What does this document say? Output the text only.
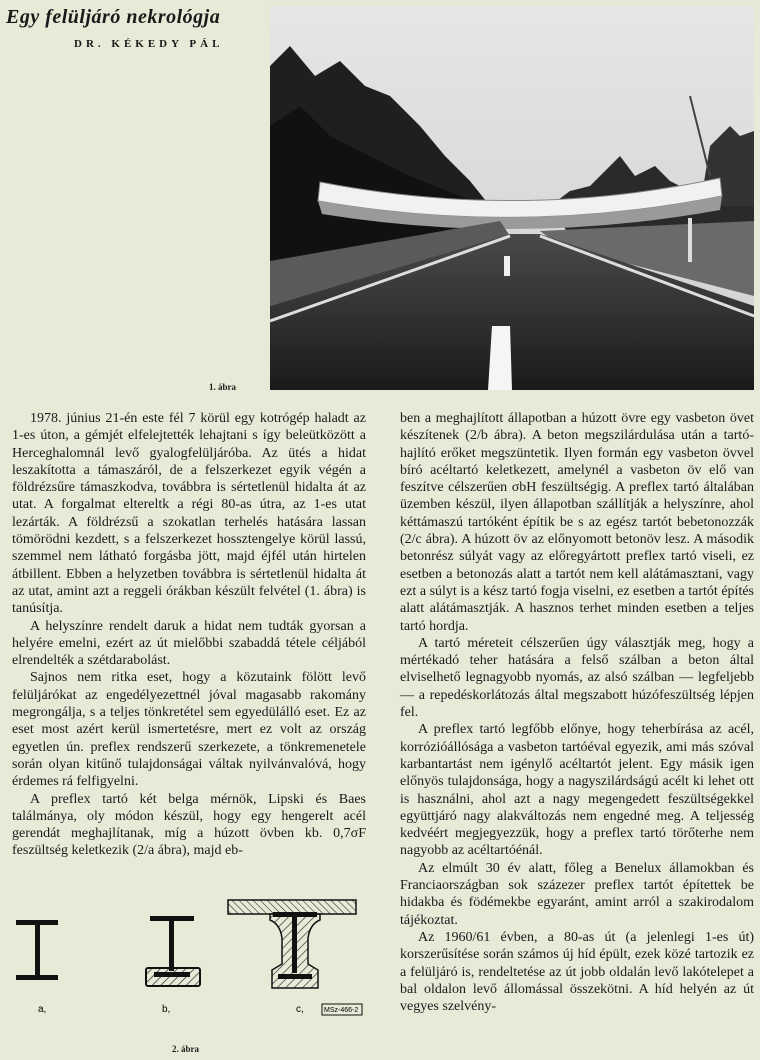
Egy felüljáró nekrológja
DR. KÉKEDY PÁL
1. ábra

1978. június 21-én este fél 7 körül egy kotrógép haladt az 1-es úton, a gémjét elfelejtették lehajtani s így beleütközött a Herceghalomnál levő gyalogfelüljáróba. Az ütés a hidat leszakította a támaszáról, de a felszerkezet egyik végén a földrézsűre támaszkodva, továbbra is sértetlenül hidalta át az utat. A forgalmat eltereltk a régi 80-as útra, az 1-es utat lezárták. A földrézsű a szokatlan terhelés hatására lassan tömörödni kezdett, s a felszerkezet hossztengelye körül lassú, szemmel nem látható forgásba jött, majd éjfél után hirtelen átbillent. Ebben a helyzetben továbbra is sértetlenül hidalta át az utat, amint azt a reggeli órákban készült felvétel (1. ábra) is tanúsítja.

A helyszínre rendelt daruk a hidat nem tudták gyorsan a helyére emelni, ezért az út mielőbbi szabaddá tétele céljából elrendelték a szétdarabolást.

Sajnos nem ritka eset, hogy a közutaink fölött levő felüljárókat az engedélyezettnél jóval magasabb rakomány megrongálja, s a teljes tönkretétel sem egyedülálló eset. Ez az eset most azért kerül ismertetésre, mert ez volt az ország egyetlen ún. preflex rendszerű szerkezete, a tönkremenetele során olyan kitűnő tulajdonságai váltak nyilvánvalóvá, hogy érdemes rá felfigyelni.

A preflex tartó két belga mérnök, Lipski és Baes találmánya, oly módon készül, hogy egy hengerelt acél gerendát meghajlítanak, míg a húzott övben kb. 0,7σF feszültség keletkezik (2/a ábra), majd eb-

a,	b,	c,	MSz-466-2
2. ábra

ben a meghajlított állapotban a húzott övre egy vasbeton övet készítenek (2/b ábra). A beton megszilárdulása után a tartó-hajlító erőket megszüntetik. Ilyen formán egy vasbeton övvel bíró acéltartó keletkezett, amelynél a vasbeton öv elő van feszítve célszerűen σbH feszültségig. A preflex tartó általában üzemben készül, ilyen állapotban szállítják a helyszínre, ahol kéttámaszú tartóként építik be s az egész tartót bebetonozzák (2/c ábra). A húzott öv az előnyomott betonöv lesz. A második betonrész súlyát vagy az előregyártott preflex tartó viseli, ez esetben a betonozás alatt a tartót nem kell alátámasztani, vagy ezt a súlyt is a kész tartó fogja viselni, ez esetben a tartót építés alatt alátámasztják. A hasznos terhet minden esetben a teljes tartó hordja.

A tartó méreteit célszerűen úgy választják meg, hogy a mértékadó teher hatására a felső szálban a beton által elviselhető legnagyobb nyomás, az alsó szálban — legfeljebb — a repedéskorlátozás által megszabott húzófeszültség lépjen fel.

A preflex tartó legfőbb előnye, hogy teherbírása az acél, korrózióállósága a vasbeton tartóéval egyezik, ami más szóval karbantartást nem igénylő acéltartót jelent. Egy másik igen előnyös tulajdonsága, hogy a nagyszilárdságú acélt ki lehet ott is használni, ahol azt a nagy megengedett feszültségekkel együttjáró nagy alakváltozás nem engedné meg. A teljesség kedvéért megjegyezzük, hogy a preflex tartó törőterhe nem nagyobb az acéltartóénál.

Az elmúlt 30 év alatt, főleg a Benelux államokban és Franciaországban sok százezer preflex tartót építettek be hidakba és födémekbe egyaránt, amint arról a szakirodalom tájékoztat.

Az 1960/61 évben, a 80-as út (a jelenlegi 1-es út) korszerűsítése során számos új híd épült, ezek közé tartozik ez a felüljáró is, rendeltetése az út jobb oldalán levő lakótelepet a bal oldalon levő állomással összekötni. A híd helyén az út vegyes szelvény-
